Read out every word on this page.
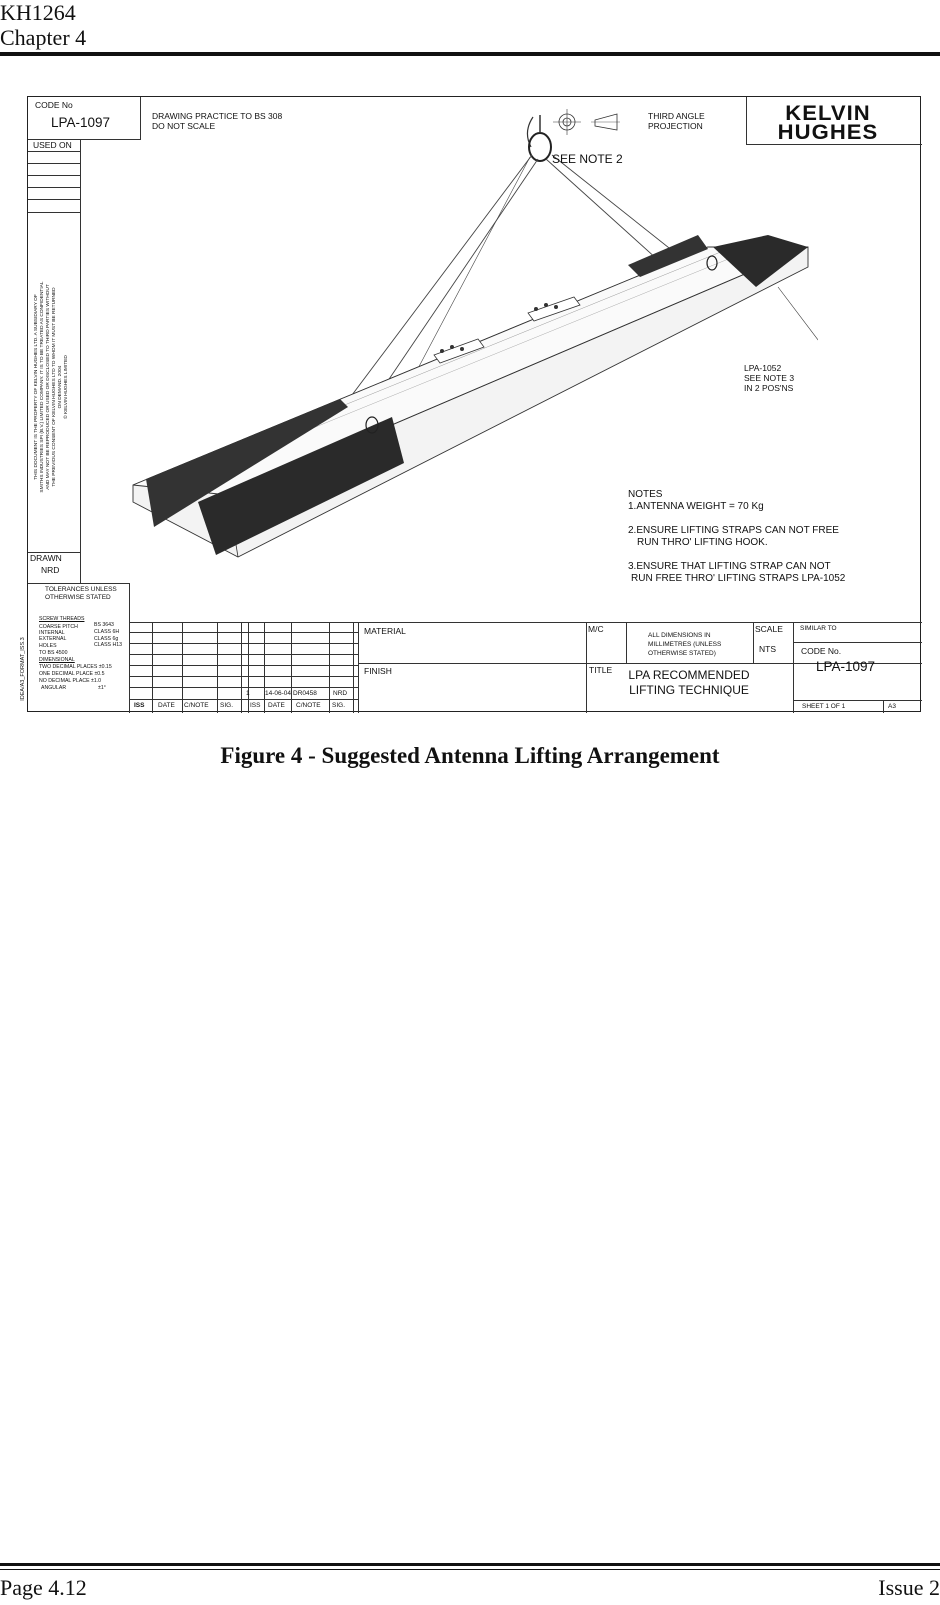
KH1264
Chapter 4
CODE No
LPA-1097
USED ON
THIS DOCUMENT IS THE PROPERTY OF KELVIN HUGHES LTD. A SUBSIDIARY OF SMITHS INDUSTRIES SPI (B.V.) LIMITED COMPANY. IT IS TO BE TREATED AS CONFIDENTIAL AND MAY NOT BE REPRODUCED OR USED OR DISCLOSED TO THIRD PARTIES WITHOUT THE PREVIOUS CONSENT OF KELVIN HUGHES LTD TO WHOM IT MUST BE RETURNED ON DEMAND. 2004 © KELVIN HUGHES LIMITED
DRAWN
NRD
TOLERANCES UNLESS
OTHERWISE STATED
SCREW THREADS
COARSE PITCH	BS 3643
INTERNAL	CLASS 6H
EXTERNAL	CLASS 6g
HOLES	CLASS H13
TO BS 4500
DIMENSIONAL
TWO DECIMAL PLACES ±0.15
ONE DECIMAL PLACE ±0.5
NO DECIMAL PLACE ±1.0
ANGULAR	±1°
IDEA/A3_FORMAT_ISS.3
DRAWING PRACTICE TO BS 308
DO NOT SCALE
THIRD ANGLE
PROJECTION
KELVIN
HUGHES
SEE NOTE 2
LPA-1052
SEE NOTE 3
IN 2 POS'NS
NOTES
1.ANTENNA WEIGHT = 70 Kg
2.ENSURE LIFTING STRAPS CAN NOT FREE
RUN THRO' LIFTING HOOK.
3.ENSURE THAT LIFTING STRAP CAN NOT
RUN FREE THRO' LIFTING STRAPS LPA-1052
1 14-06-04 DR0458 NRD
ISS DATE C/NOTE SIG.	ISS DATE C/NOTE SIG.
MATERIAL	M/C
ALL DIMENSIONS IN
MILLIMETRES (UNLESS
OTHERWISE STATED)
SCALE
NTS
SIMILAR TO
FINISH	TITLE LPA RECOMMENDED
LIFTING TECHNIQUE
CODE No.
LPA-1097
SHEET 1 OF 1	A3
Figure 4 - Suggested Antenna Lifting Arrangement
Page 4.12	Issue 2
